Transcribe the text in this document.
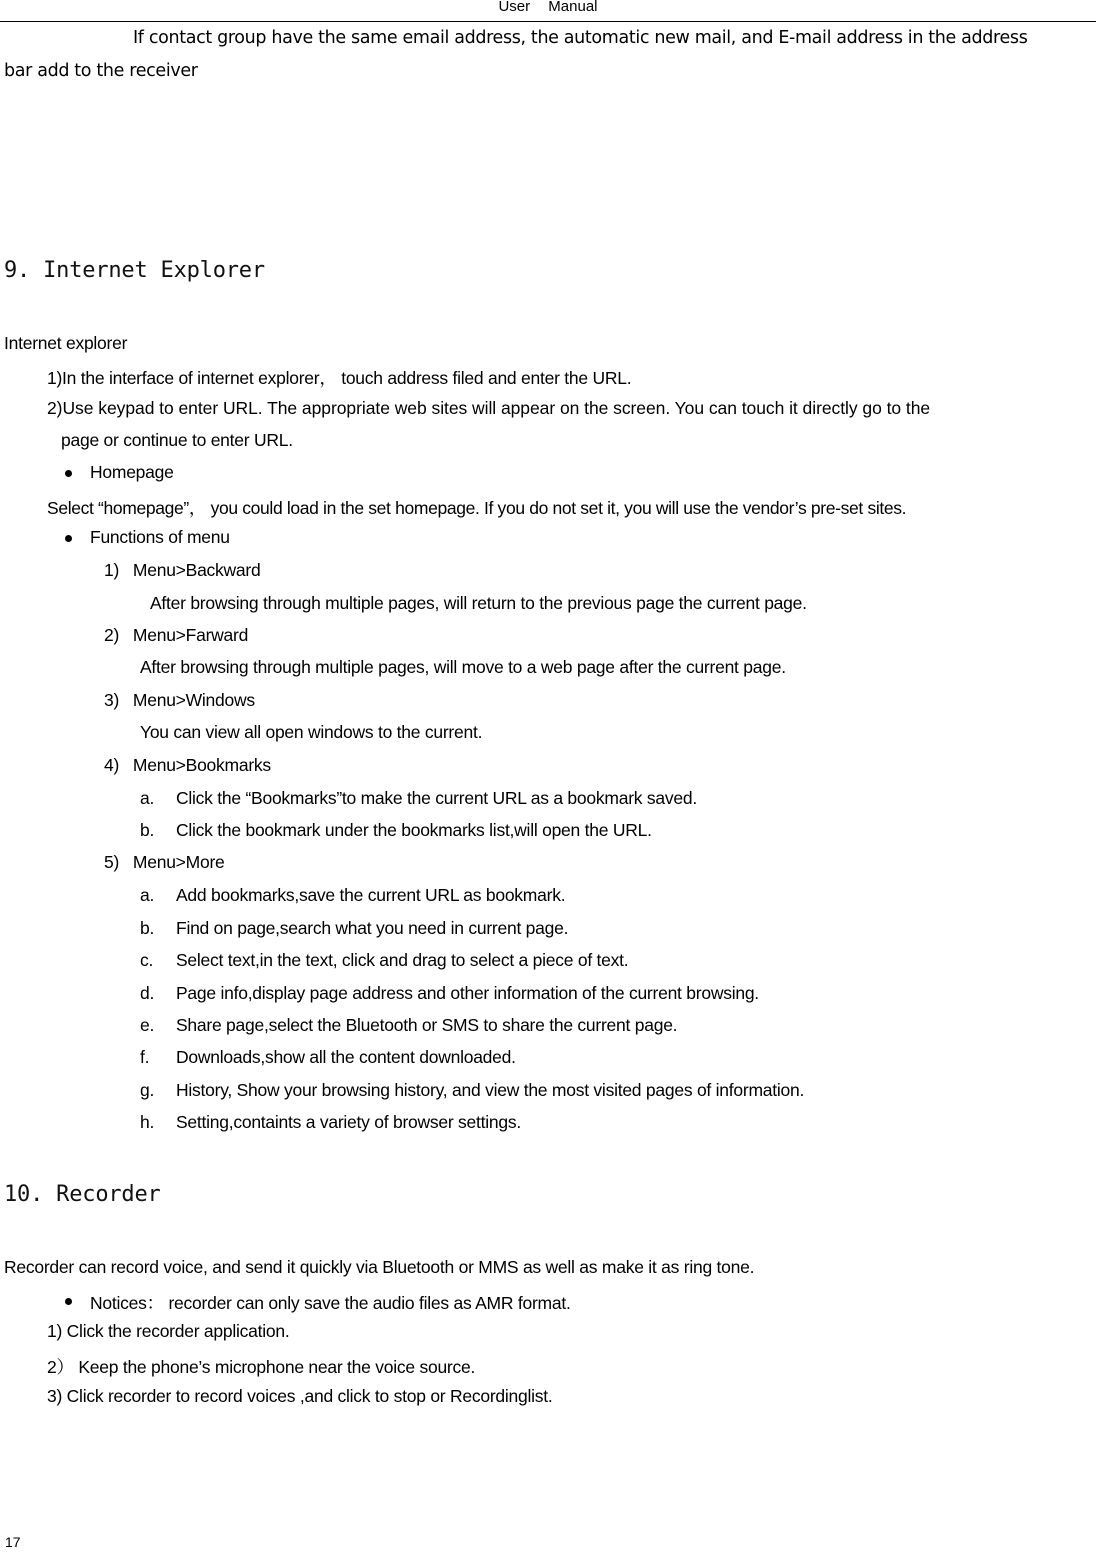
User Manual
If contact group have the same email address, the automatic new mail, and E-mail address in the address
bar add to the receiver
9. Internet Explorer
Internet explorer
1)In the interface of internet explorer， touch address filed and enter the URL.
2)Use keypad to enter URL. The appropriate web sites will appear on the screen. You can touch it directly go to the
page or continue to enter URL.
Homepage
Select “homepage”， you could load in the set homepage. If you do not set it, you will use the vendor’s pre-set sites.
Functions of menu
1)   Menu>Backward
After browsing through multiple pages, will return to the previous page the current page.
2)   Menu>Farward
After browsing through multiple pages, will move to a web page after the current page.
3)   Menu>Windows
You can view all open windows to the current.
4)   Menu>Bookmarks
a. Click the “Bookmarks”to make the current URL as a bookmark saved.
b. Click the bookmark under the bookmarks list,will open the URL.
5)   Menu>More
a. Add bookmarks,save the current URL as bookmark.
b. Find on page,search what you need in current page.
c. Select text,in the text, click and drag to select a piece of text.
d. Page info,display page address and other information of the current browsing.
e. Share page,select the Bluetooth or SMS to share the current page.
f. Downloads,show all the content downloaded.
g. History, Show your browsing history, and view the most visited pages of information.
h. Setting,containts a variety of browser settings.
10. Recorder
Recorder can record voice, and send it quickly via Bluetooth or MMS as well as make it as ring tone.
Notices： recorder can only save the audio files as AMR format.
1) Click the recorder application.
2） Keep the phone’s microphone near the voice source.
3) Click recorder to record voices ,and click to stop or Recordinglist.
17
